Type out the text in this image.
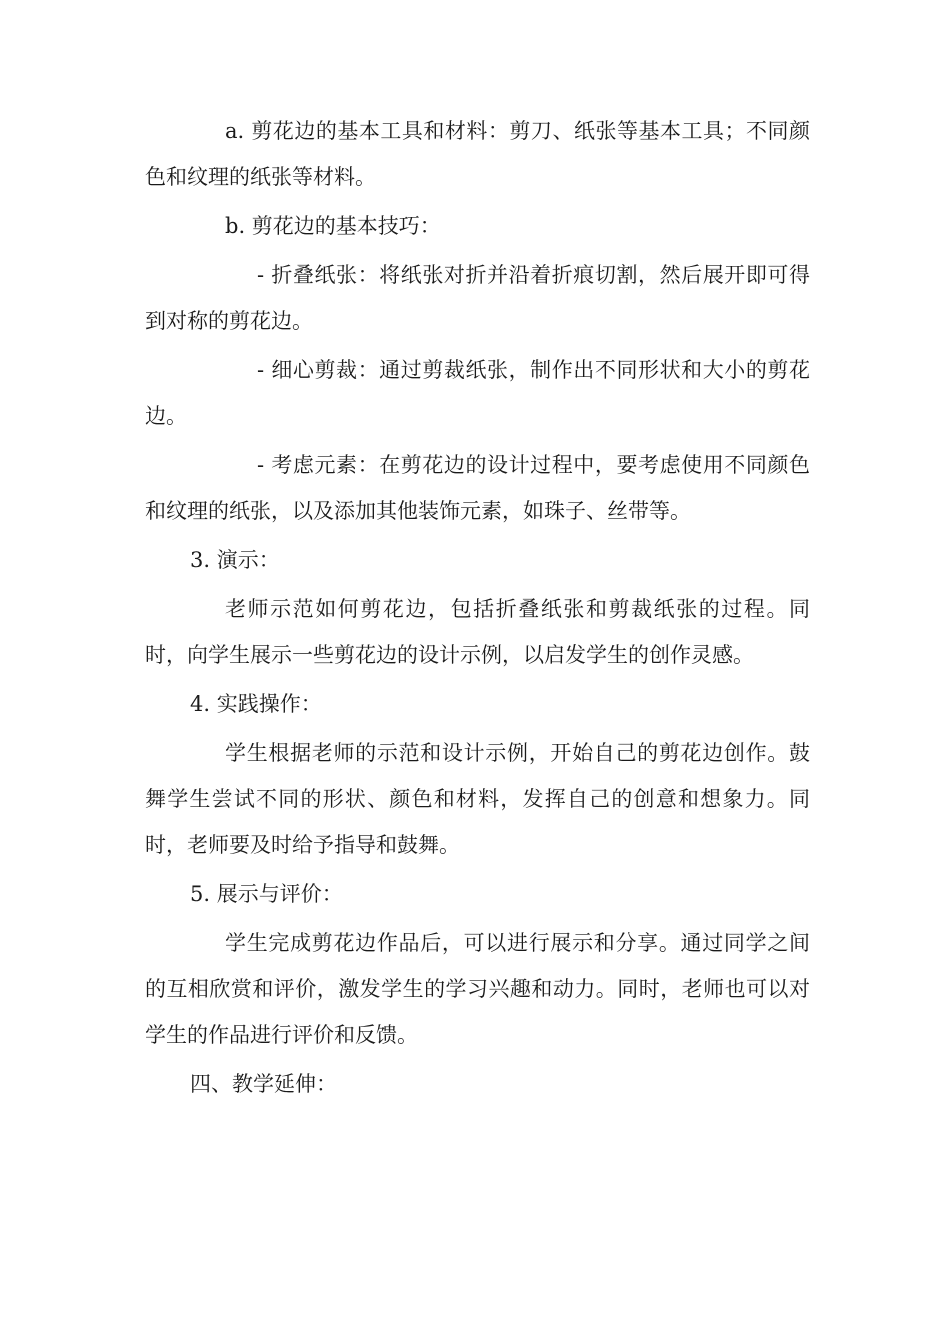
a. 剪花边的基本工具和材料：剪刀、纸张等基本工具；不同颜色和纹理的纸张等材料。

b. 剪花边的基本技巧：

- 折叠纸张：将纸张对折并沿着折痕切割，然后展开即可得到对称的剪花边。

- 细心剪裁：通过剪裁纸张，制作出不同形状和大小的剪花边。

- 考虑元素：在剪花边的设计过程中，要考虑使用不同颜色和纹理的纸张，以及添加其他装饰元素，如珠子、丝带等。

3. 演示：

老师示范如何剪花边，包括折叠纸张和剪裁纸张的过程。同时，向学生展示一些剪花边的设计示例，以启发学生的创作灵感。

4. 实践操作：

学生根据老师的示范和设计示例，开始自己的剪花边创作。鼓舞学生尝试不同的形状、颜色和材料，发挥自己的创意和想象力。同时，老师要及时给予指导和鼓舞。

5. 展示与评价：

学生完成剪花边作品后，可以进行展示和分享。通过同学之间的互相欣赏和评价，激发学生的学习兴趣和动力。同时，老师也可以对学生的作品进行评价和反馈。

四、教学延伸：
